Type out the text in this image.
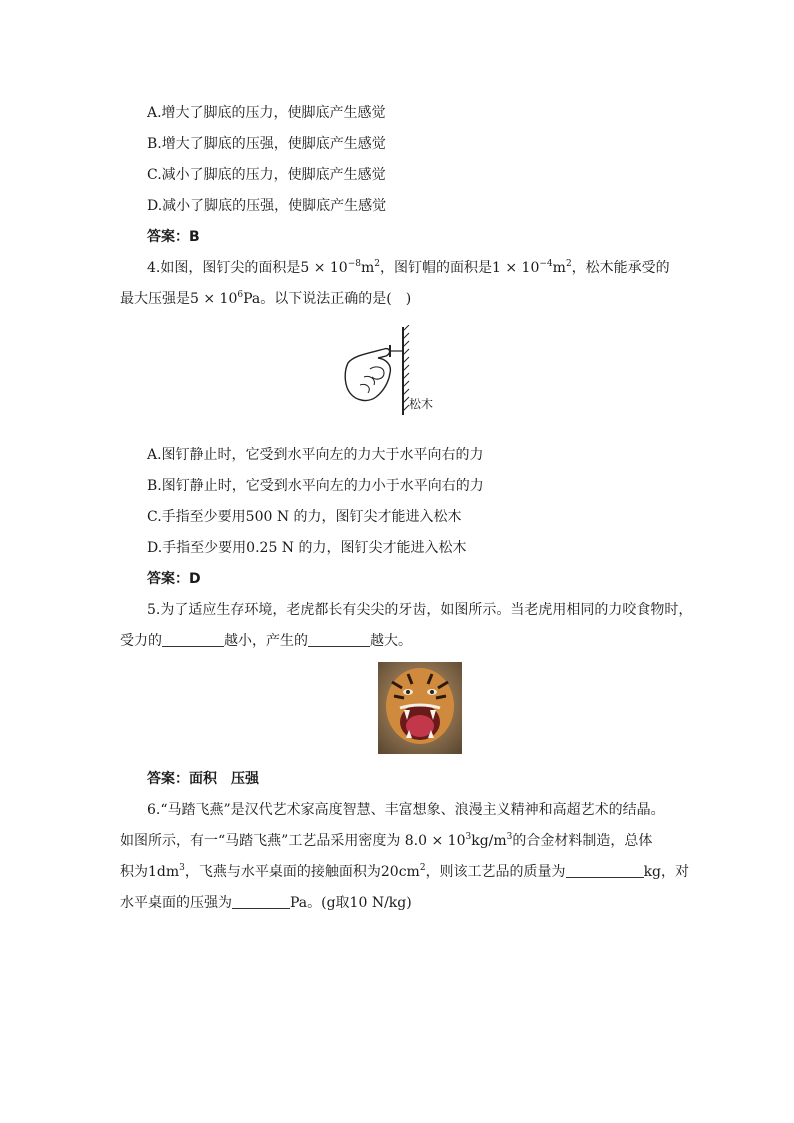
A.增大了脚底的压力，使脚底产生感觉
B.增大了脚底的压强，使脚底产生感觉
C.减小了脚底的压力，使脚底产生感觉
D.减小了脚底的压强，使脚底产生感觉
答案：B
4.如图，图钉尖的面积是$5 \times 10^{-8}m^2$，图钉帽的面积是$1 \times 10^{-4}m^2$，松木能承受的
最大压强是$5 \times 10^6Pa$。以下说法正确的是(　)
松木
A.图钉静止时，它受到水平向左的力大于水平向右的力
B.图钉静止时，它受到水平向左的力小于水平向右的力
C.手指至少要用500 N 的力，图钉尖才能进入松木
D.手指至少要用0.25 N 的力，图钉尖才能进入松木
答案：D
5.为了适应生存环境，老虎都长有尖尖的牙齿，如图所示。当老虎用相同的力咬食物时，
受力的	越小，产生的	越大。
答案：面积　压强
6.“马踏飞燕”是汉代艺术家高度智慧、丰富想象、浪漫主义精神和高超艺术的结晶。
如图所示，有一“马踏飞燕”工艺品采用密度为 $8.0 \times 10^3kg/m^3$的合金材料制造，总体
积为$1dm^3$，飞燕与水平桌面的接触面积为$20cm^2$，则该工艺品的质量为	kg，对
水平桌面的压强为	Pa。(g取10 N/kg)
